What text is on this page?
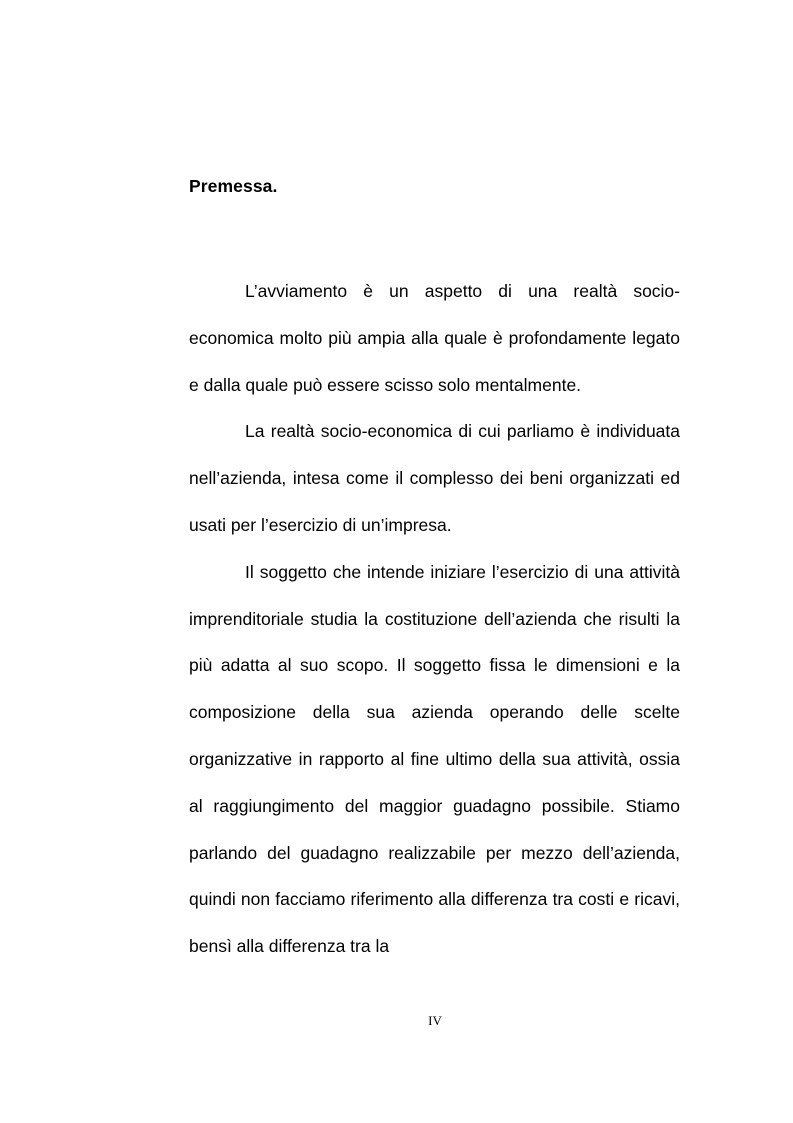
Premessa.

L’avviamento è un aspetto di una realtà socio-economica molto più ampia alla quale è profondamente legato e dalla quale può essere scisso solo mentalmente.

La realtà socio-economica di cui parliamo è individuata nell’azienda, intesa come il complesso dei beni organizzati ed usati per l’esercizio di un’impresa.

Il soggetto che intende iniziare l’esercizio di una attività imprenditoriale studia la costituzione dell’azienda che risulti la più adatta al suo scopo. Il soggetto fissa le dimensioni e la composizione della sua azienda operando delle scelte organizzative in rapporto al fine ultimo della sua attività, ossia al raggiungimento del maggior guadagno possibile. Stiamo parlando del guadagno realizzabile per mezzo dell’azienda, quindi non facciamo riferimento alla differenza tra costi e ricavi, bensì alla differenza tra la

IV
